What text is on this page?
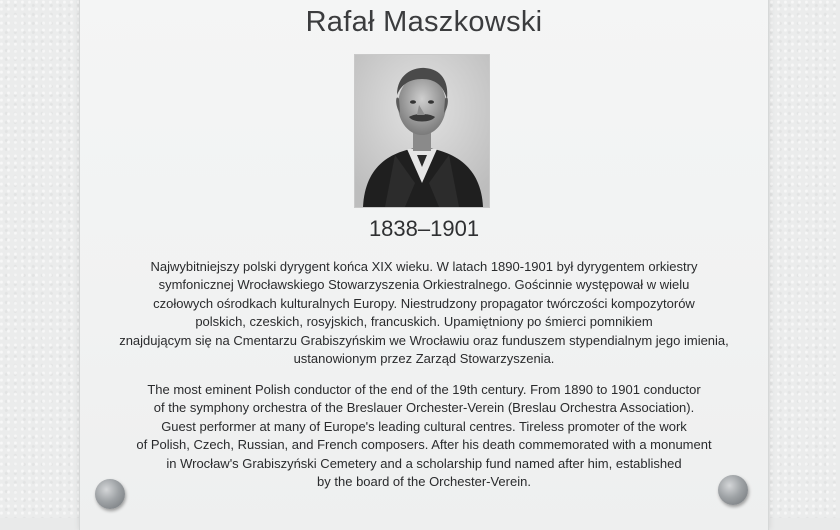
Rafał Maszkowski
1838–1901

Najwybitniejszy polski dyrygent końca XIX wieku. W latach 1890-1901 był dyrygentem orkiestry
symfonicznej Wrocławskiego Stowarzyszenia Orkiestralnego. Gościnnie występował w wielu
czołowych ośrodkach kulturalnych Europy. Niestrudzony propagator twórczości kompozytorów
polskich, czeskich, rosyjskich, francuskich. Upamiętniony po śmierci pomnikiem
znajdującym się na Cmentarzu Grabiszyńskim we Wrocławiu oraz funduszem stypendialnym jego imienia,
ustanowionym przez Zarząd Stowarzyszenia.

The most eminent Polish conductor of the end of the 19th century. From 1890 to 1901 conductor
of the symphony orchestra of the Breslauer Orchester-Verein (Breslau Orchestra Association).
Guest performer at many of Europe's leading cultural centres. Tireless promoter of the work
of Polish, Czech, Russian, and French composers. After his death commemorated with a monument
in Wrocław's Grabiszyński Cemetery and a scholarship fund named after him, established
by the board of the Orchester-Verein.
